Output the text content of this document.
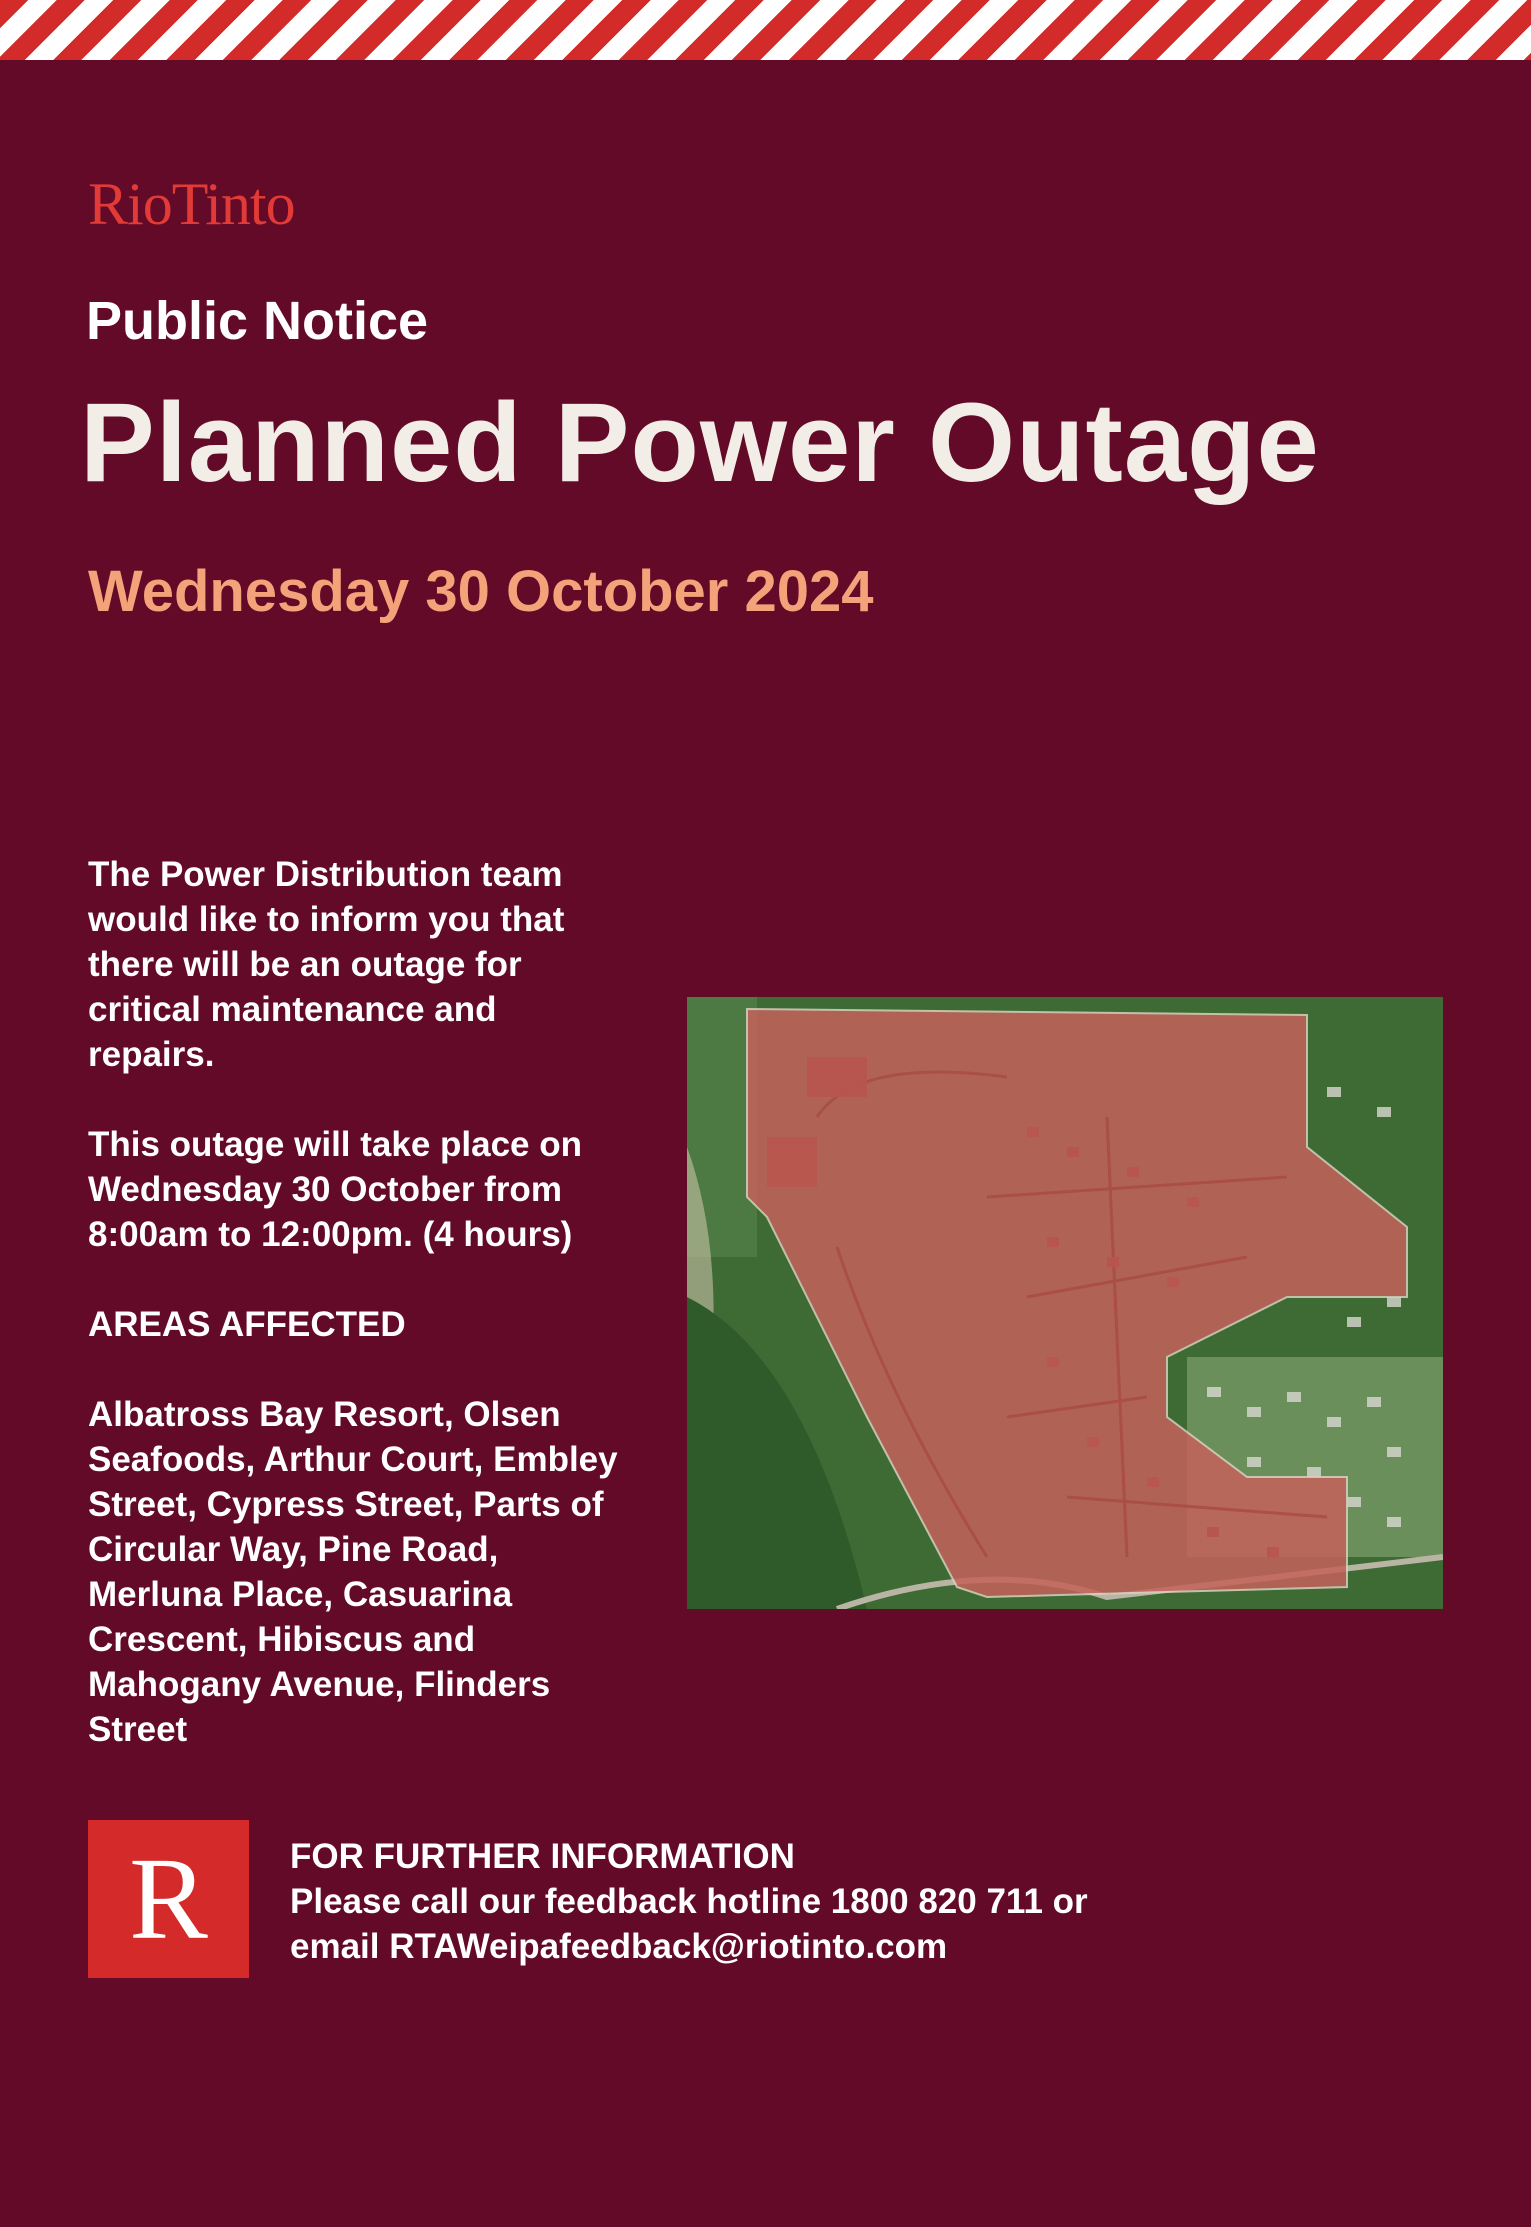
RioTinto
Public Notice
Planned Power Outage
Wednesday 30 October 2024

The Power Distribution team would like to inform you that there will be an outage for critical maintenance and repairs.

This outage will take place on Wednesday 30 October from 8:00am to 12:00pm. (4 hours)

AREAS AFFECTED

Albatross Bay Resort, Olsen Seafoods, Arthur Court, Embley Street, Cypress Street, Parts of Circular Way, Pine Road, Merluna Place, Casuarina Crescent, Hibiscus and Mahogany Avenue, Flinders Street

R FOR FURTHER INFORMATION
Please call our feedback hotline 1800 820 711 or
email RTAWeipafeedback@riotinto.com
